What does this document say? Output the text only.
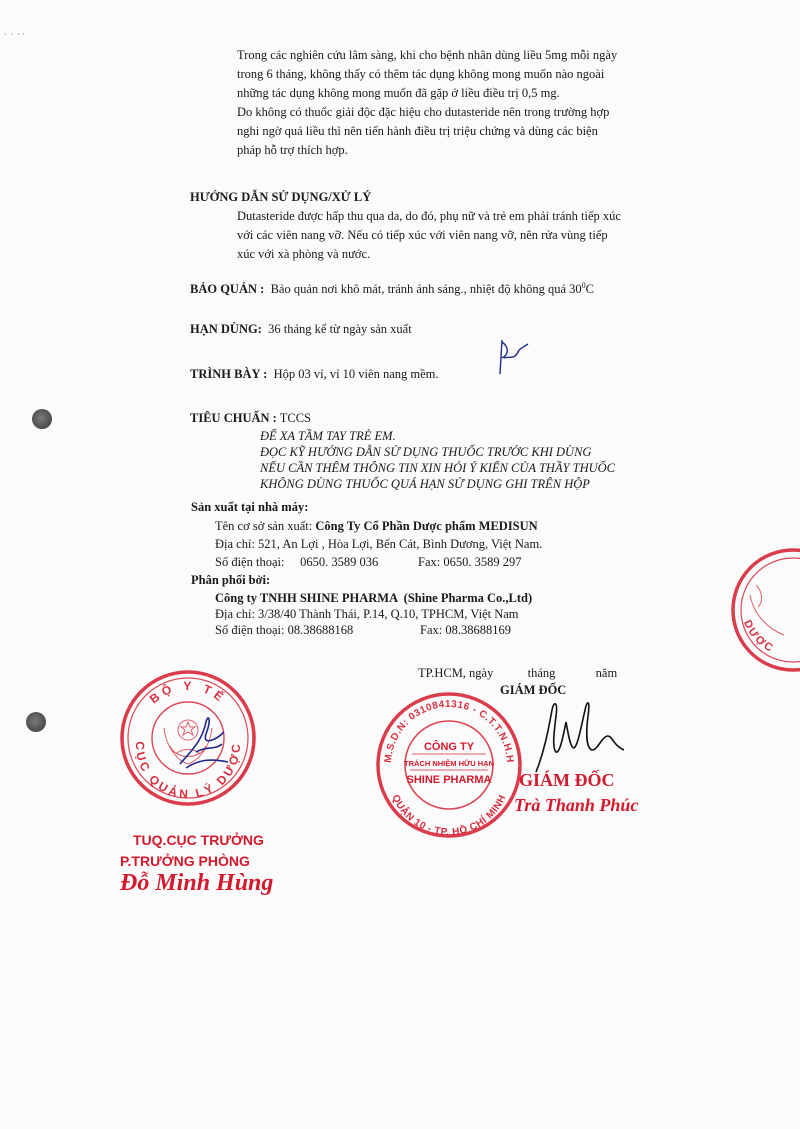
·  ·  · ·
Trong các nghiên cứu lâm sàng, khi cho bệnh nhân dùng liều 5mg mỗi ngày
trong 6 tháng, không thấy có thêm tác dụng không mong muốn nào ngoài
những tác dụng không mong muốn đã gặp ở liều điều trị 0,5 mg.
Do không có thuốc giải độc đặc hiệu cho dutasteride nên trong trường hợp
nghi ngờ quá liều thì nên tiến hành điều trị triệu chứng và dùng các biện
pháp hỗ trợ thích hợp.
HƯỚNG DẪN SỬ DỤNG/XỬ LÝ
Dutasteride được hấp thu qua da, do đó, phụ nữ và trẻ em phải tránh tiếp xúc
với các viên nang vỡ. Nếu có tiếp xúc với viên nang vỡ, nên rửa vùng tiếp
xúc với xà phòng và nước.
BẢO QUẢN : Bảo quản nơi khô mát, tránh ánh sáng., nhiệt độ không quá $30^0C$
HẠN DÙNG: 36 tháng kể từ ngày sản xuất
TRÌNH BÀY : Hộp 03 vỉ, vỉ 10 viên nang mềm.
TIÊU CHUẨN : TCCS
ĐỂ XA TẦM TAY TRẺ EM.
ĐỌC KỸ HƯỚNG DẪN SỬ DỤNG THUỐC TRƯỚC KHI DÙNG
NẾU CẦN THÊM THÔNG TIN XIN HỎI Ý KIẾN CỦA THẦY THUỐC
KHÔNG DÙNG THUỐC QUÁ HẠN SỬ DỤNG GHI TRÊN HỘP
Sản xuất tại nhà máy:
Tên cơ sở sản xuất: Công Ty Cổ Phần Dược phẩm MEDISUN
Địa chỉ: 521, An Lợi , Hòa Lợi, Bến Cát, Bình Dương, Việt Nam.
Số điện thoại:     0650. 3589 036	Fax: 0650. 3589 297
Phân phối bởi:
Công ty TNHH SHINE PHARMA  (Shine Pharma Co.,Ltd)
Địa chỉ: 3/38/40 Thành Thái, P.14, Q.10, TPHCM, Việt Nam
Số điện thoại: 08.38688168	Fax: 08.38688169
TP.HCM, ngày	tháng	năm
GIÁM ĐỐC
BỘ Y TẾ
CỤC QUẢN LÝ DƯỢC
TUQ.CỤC TRƯỞNG
P.TRƯỞNG PHÒNG
Đỗ Minh Hùng
M.S.D.N: 0310841316 - C.T.T.N.H.H
QUẬN 10 - TP. HỒ CHÍ MINH
CÔNG TY
TRÁCH NHIỆM HỮU HẠN
SHINE PHARMA GIÁM ĐỐC
Trà Thanh Phúc
DƯỢC
